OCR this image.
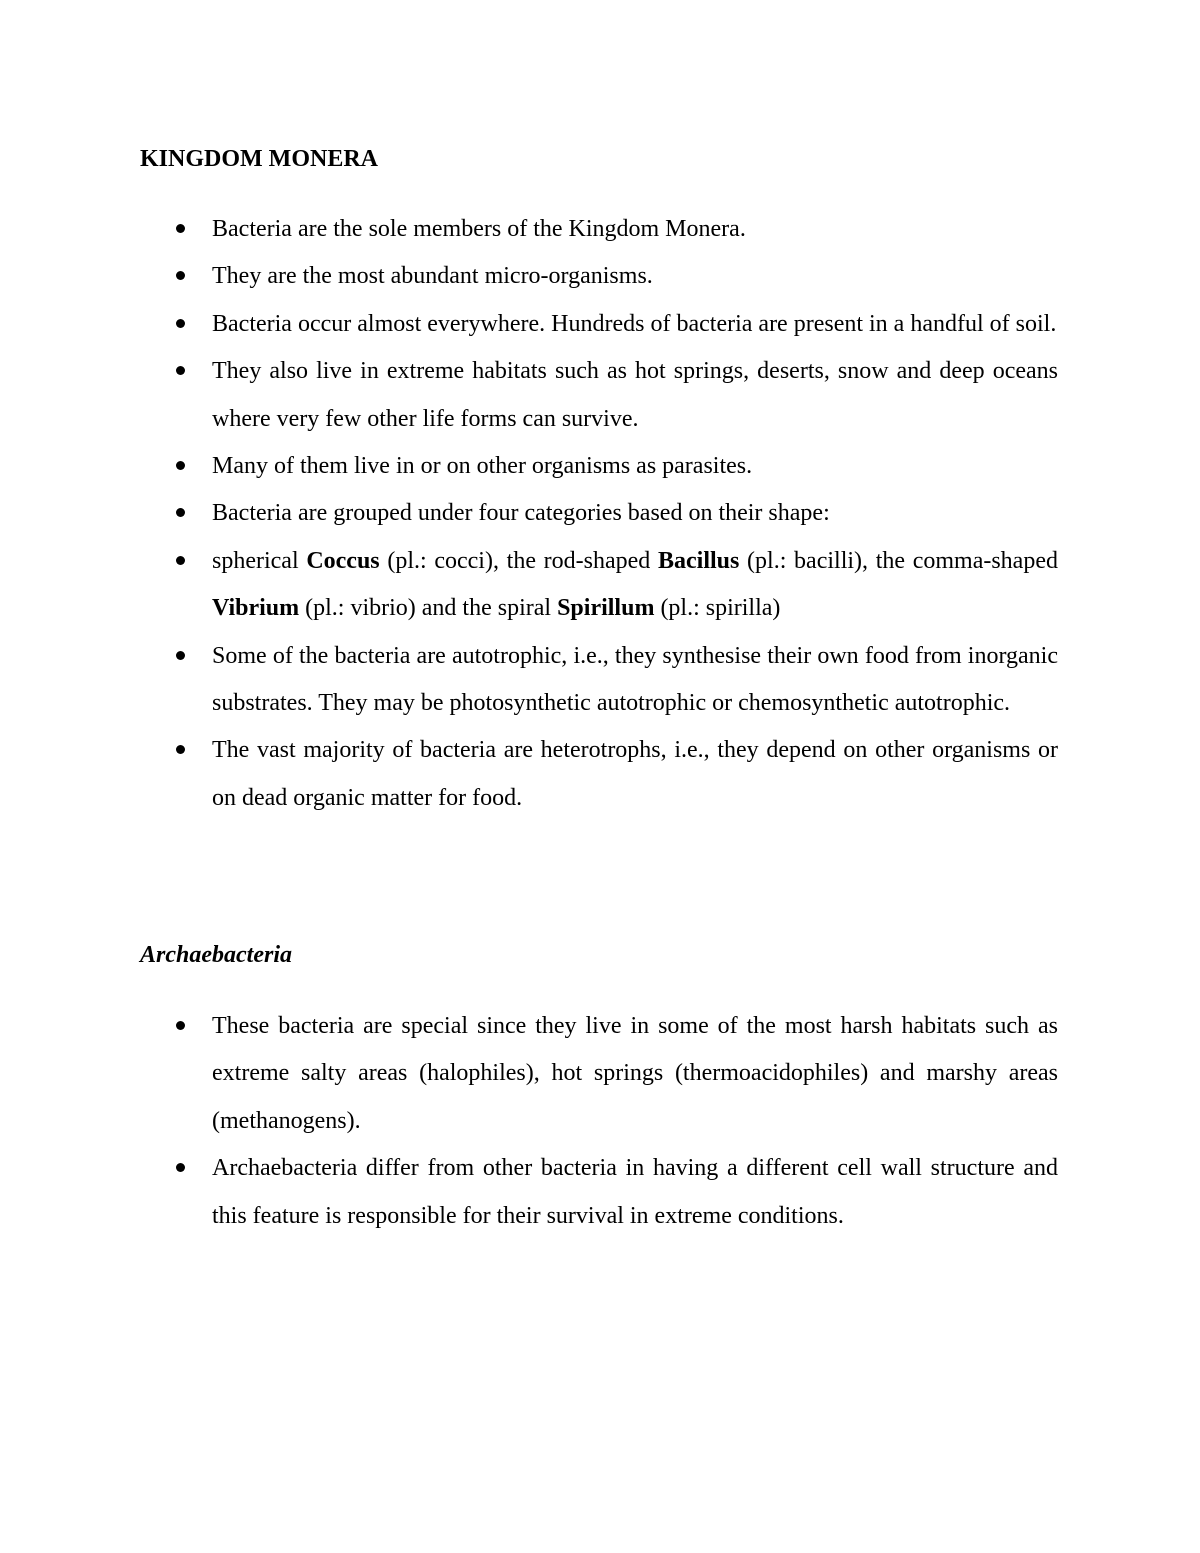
KINGDOM MONERA
Bacteria are the sole members of the Kingdom Monera.
They are the most abundant micro-organisms.
Bacteria occur almost everywhere. Hundreds of bacteria are present in a handful of soil.
They also live in extreme habitats such as hot springs, deserts, snow and deep oceans where very few other life forms can survive.
Many of them live in or on other organisms as parasites.
Bacteria are grouped under four categories based on their shape:
spherical Coccus (pl.: cocci), the rod-shaped Bacillus (pl.: bacilli), the comma-shaped Vibrium (pl.: vibrio) and the spiral Spirillum (pl.: spirilla)
Some of the bacteria are autotrophic, i.e., they synthesise their own food from inorganic substrates. They may be photosynthetic autotrophic or chemosynthetic autotrophic.
The vast majority of bacteria are heterotrophs, i.e., they depend on other organisms or on dead organic matter for food.
Archaebacteria
These bacteria are special since they live in some of the most harsh habitats such as extreme salty areas (halophiles), hot springs (thermoacidophiles) and marshy areas (methanogens).
Archaebacteria differ from other bacteria in having a different cell wall structure and this feature is responsible for their survival in extreme conditions.
